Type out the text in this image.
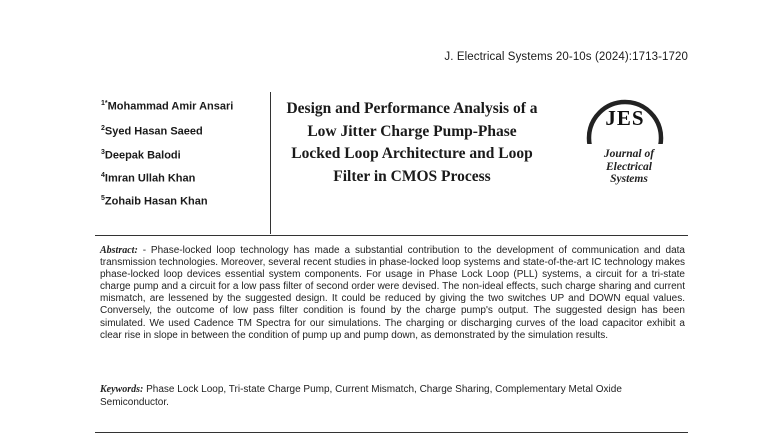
J. Electrical Systems 20-10s (2024):1713-1720
$^{1*}$Mohammad Amir Ansari
$^2$Syed Hasan Saeed
$^3$Deepak Balodi
$^4$Imran Ullah Khan
$^5$Zohaib Hasan Khan
Design and Performance Analysis of a Low Jitter Charge Pump-Phase Locked Loop Architecture and Loop Filter in CMOS Process
JES
Journal of
Electrical
Systems
Abstract: - Phase-locked loop technology has made a substantial contribution to the development of communication and data transmission technologies. Moreover, several recent studies in phase-locked loop systems and state-of-the-art IC technology makes phase-locked loop devices essential system components. For usage in Phase Lock Loop (PLL) systems, a circuit for a tri-state charge pump and a circuit for a low pass filter of second order were devised. The non-ideal effects, such charge sharing and current mismatch, are lessened by the suggested design. It could be reduced by giving the two switches UP and DOWN equal values. Conversely, the outcome of low pass filter condition is found by the charge pump's output. The suggested design has been simulated. We used Cadence TM Spectra for our simulations. The charging or discharging curves of the load capacitor exhibit a clear rise in slope in between the condition of pump up and pump down, as demonstrated by the simulation results.
Keywords: Phase Lock Loop, Tri-state Charge Pump, Current Mismatch, Charge Sharing, Complementary Metal Oxide Semiconductor.
